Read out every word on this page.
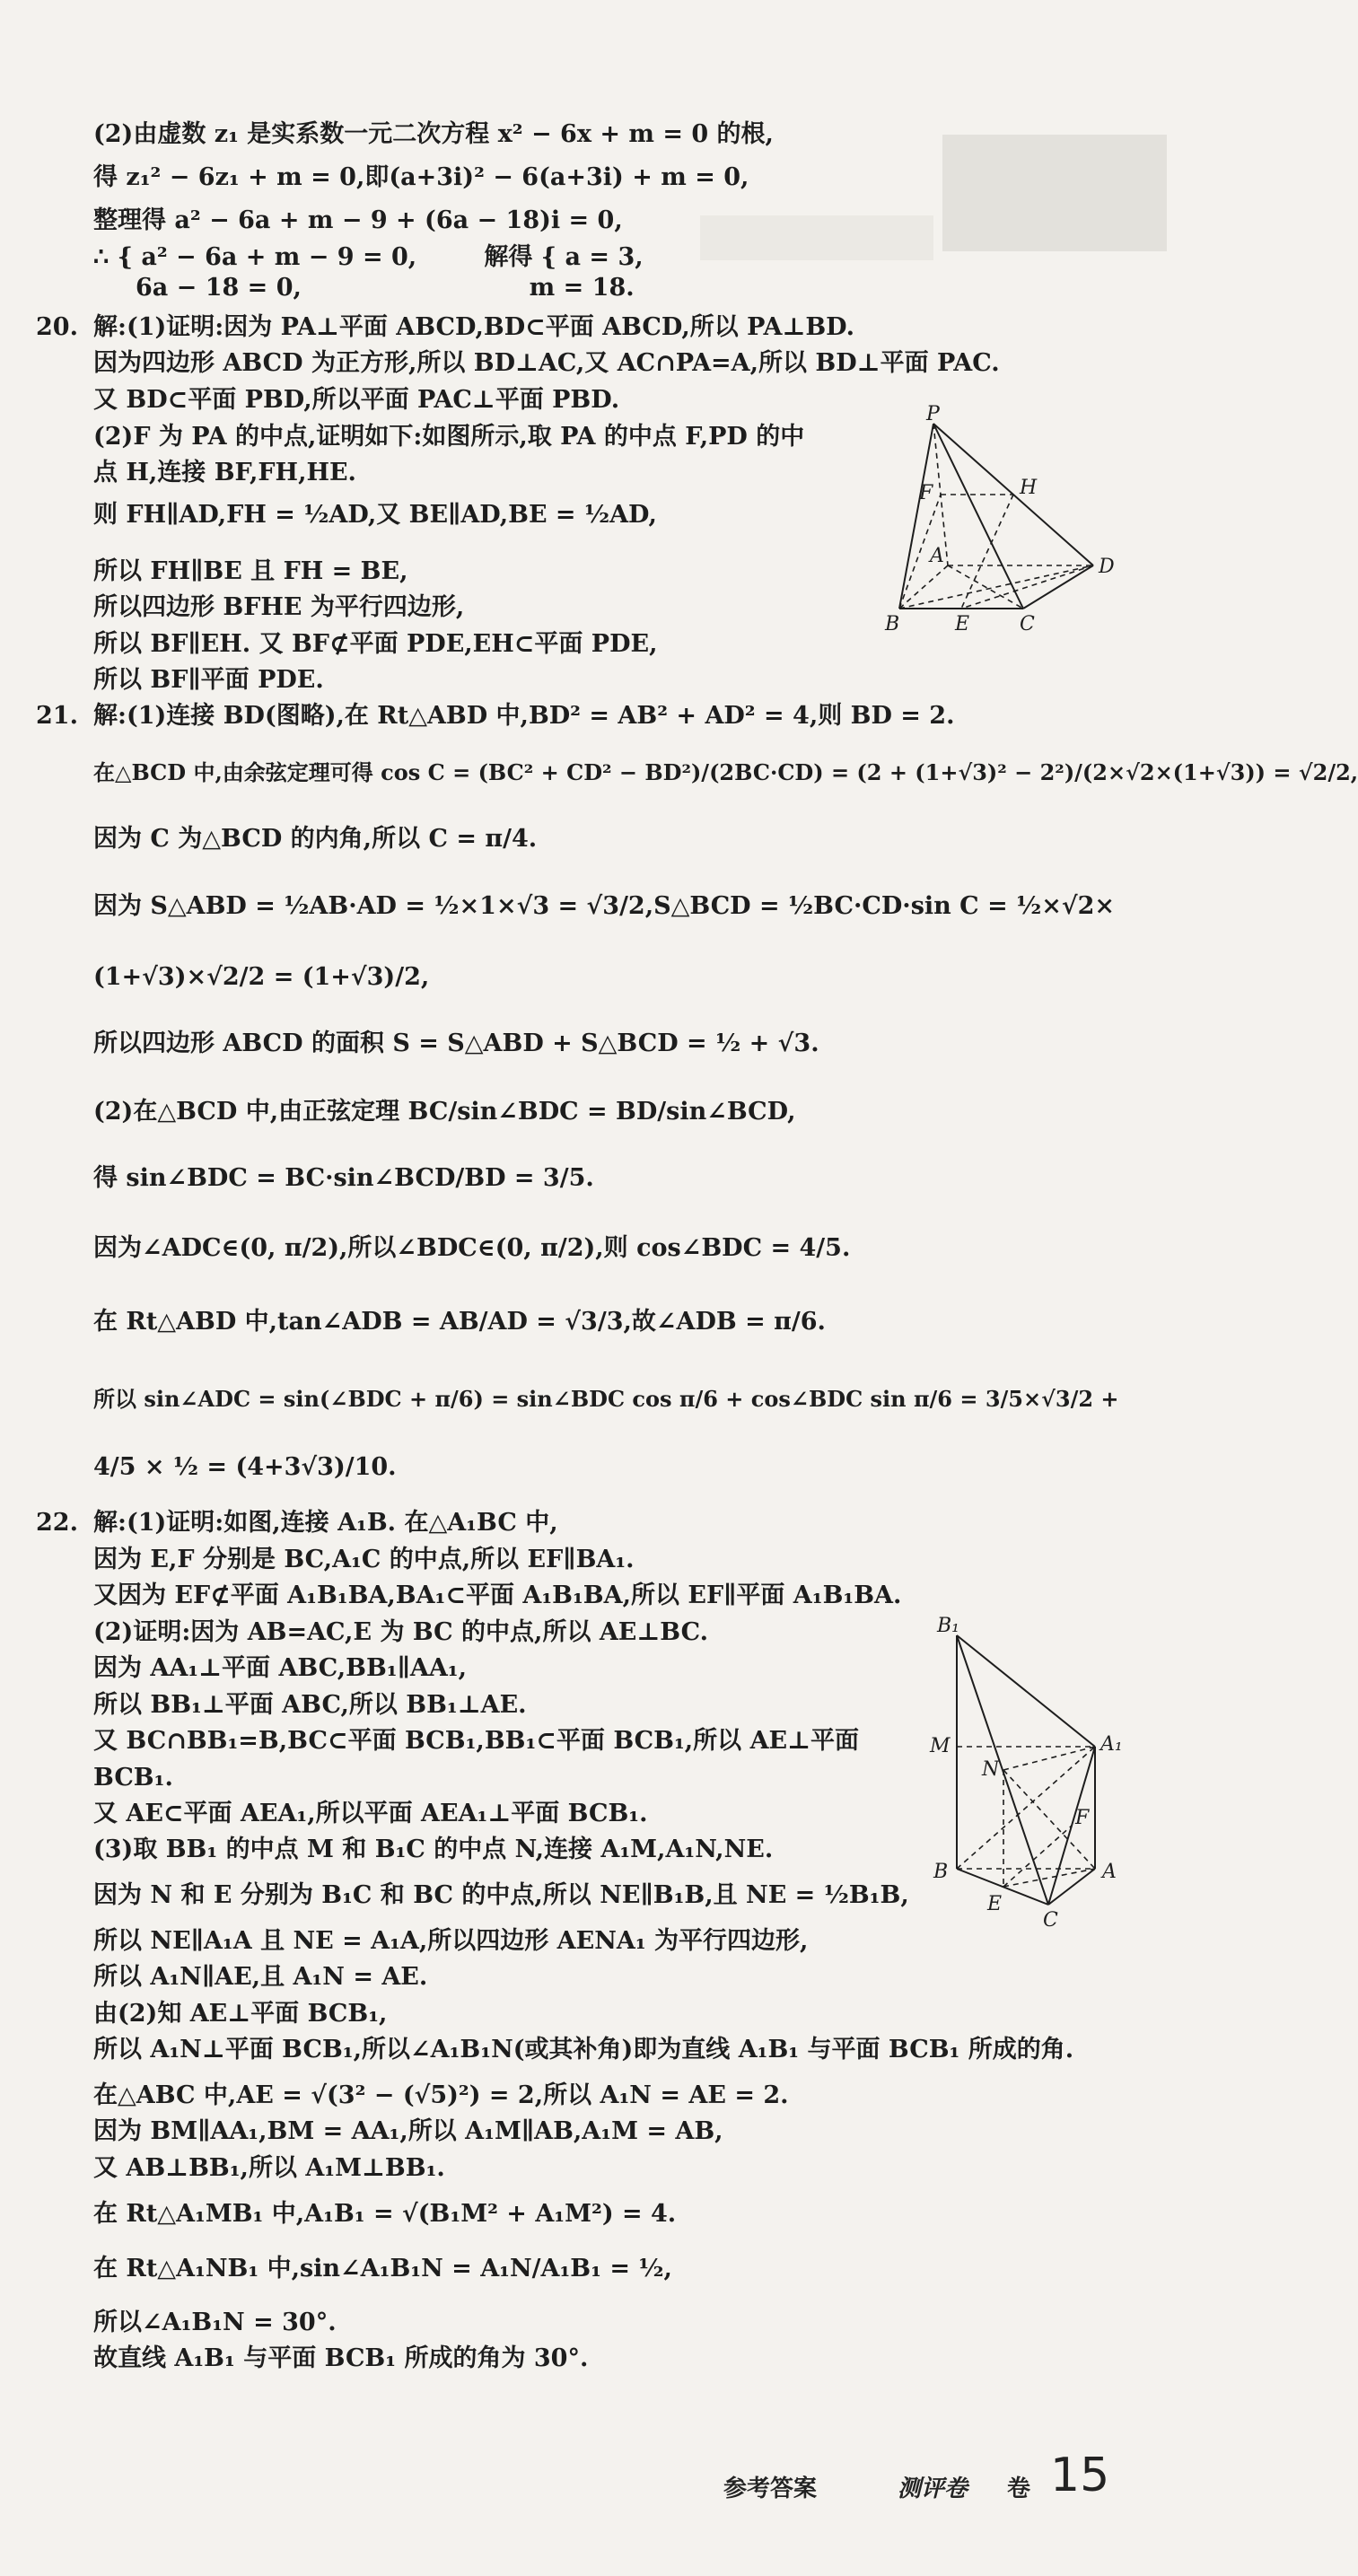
(2)由虚数 z₁ 是实系数一元二次方程 x² − 6x + m = 0 的根,
得 z₁² − 6z₁ + m = 0,即(a+3i)² − 6(a+3i) + m = 0,
整理得 a² − 6a + m − 9 + (6a − 18)i = 0,
∴ { a² − 6a + m − 9 = 0,        解得 { a = 3,
6a − 18 = 0,                           m = 18.
20. 解:(1)证明:因为 PA⊥平面 ABCD,BD⊂平面 ABCD,所以 PA⊥BD.
因为四边形 ABCD 为正方形,所以 BD⊥AC,又 AC∩PA=A,所以 BD⊥平面 PAC.
又 BD⊂平面 PBD,所以平面 PAC⊥平面 PBD.
(2)F 为 PA 的中点,证明如下:如图所示,取 PA 的中点 F,PD 的中
点 H,连接 BF,FH,HE.
则 FH∥AD,FH = ½AD,又 BE∥AD,BE = ½AD,
所以 FH∥BE 且 FH = BE,
所以四边形 BFHE 为平行四边形,
所以 BF∥EH. 又 BF⊄平面 PDE,EH⊂平面 PDE,
所以 BF∥平面 PDE.
P
F	H
A	D
B	E	C
21. 解:(1)连接 BD(图略),在 Rt△ABD 中,BD² = AB² + AD² = 4,则 BD = 2.
在△BCD 中,由余弦定理可得 cos C = (BC² + CD² − BD²)/(2BC·CD) = (2 + (1+√3)² − 2²)/(2×√2×(1+√3)) = √2/2,
因为 C 为△BCD 的内角,所以 C = π/4.
因为 S△ABD = ½AB·AD = ½×1×√3 = √3/2,S△BCD = ½BC·CD·sin C = ½×√2×
(1+√3)×√2/2 = (1+√3)/2,
所以四边形 ABCD 的面积 S = S△ABD + S△BCD = ½ + √3.
(2)在△BCD 中,由正弦定理 BC/sin∠BDC = BD/sin∠BCD,
得 sin∠BDC = BC·sin∠BCD/BD = 3/5.
因为∠ADC∈(0, π/2),所以∠BDC∈(0, π/2),则 cos∠BDC = 4/5.
在 Rt△ABD 中,tan∠ADB = AB/AD = √3/3,故∠ADB = π/6.
所以 sin∠ADC = sin(∠BDC + π/6) = sin∠BDC cos π/6 + cos∠BDC sin π/6 = 3/5×√3/2 +
4/5 × ½ = (4+3√3)/10.
22. 解:(1)证明:如图,连接 A₁B. 在△A₁BC 中,
因为 E,F 分别是 BC,A₁C 的中点,所以 EF∥BA₁.
又因为 EF⊄平面 A₁B₁BA,BA₁⊂平面 A₁B₁BA,所以 EF∥平面 A₁B₁BA.
(2)证明:因为 AB=AC,E 为 BC 的中点,所以 AE⊥BC.
因为 AA₁⊥平面 ABC,BB₁∥AA₁,
所以 BB₁⊥平面 ABC,所以 BB₁⊥AE.
又 BC∩BB₁=B,BC⊂平面 BCB₁,BB₁⊂平面 BCB₁,所以 AE⊥平面
BCB₁.
又 AE⊂平面 AEA₁,所以平面 AEA₁⊥平面 BCB₁.
(3)取 BB₁ 的中点 M 和 B₁C 的中点 N,连接 A₁M,A₁N,NE.
因为 N 和 E 分别为 B₁C 和 BC 的中点,所以 NE∥B₁B,且 NE = ½B₁B,
所以 NE∥A₁A 且 NE = A₁A,所以四边形 AENA₁ 为平行四边形,
所以 A₁N∥AE,且 A₁N = AE.
由(2)知 AE⊥平面 BCB₁,
所以 A₁N⊥平面 BCB₁,所以∠A₁B₁N(或其补角)即为直线 A₁B₁ 与平面 BCB₁ 所成的角.
在△ABC 中,AE = √(3² − (√5)²) = 2,所以 A₁N = AE = 2.
因为 BM∥AA₁,BM = AA₁,所以 A₁M∥AB,A₁M = AB,
又 AB⊥BB₁,所以 A₁M⊥BB₁.
在 Rt△A₁MB₁ 中,A₁B₁ = √(B₁M² + A₁M²) = 4.
在 Rt△A₁NB₁ 中,sin∠A₁B₁N = A₁N/A₁B₁ = ½,
所以∠A₁B₁N = 30°.
故直线 A₁B₁ 与平面 BCB₁ 所成的角为 30°.
B₁
M	A₁
N
F
B	A
E
C
参考答案	测评卷 卷 15
